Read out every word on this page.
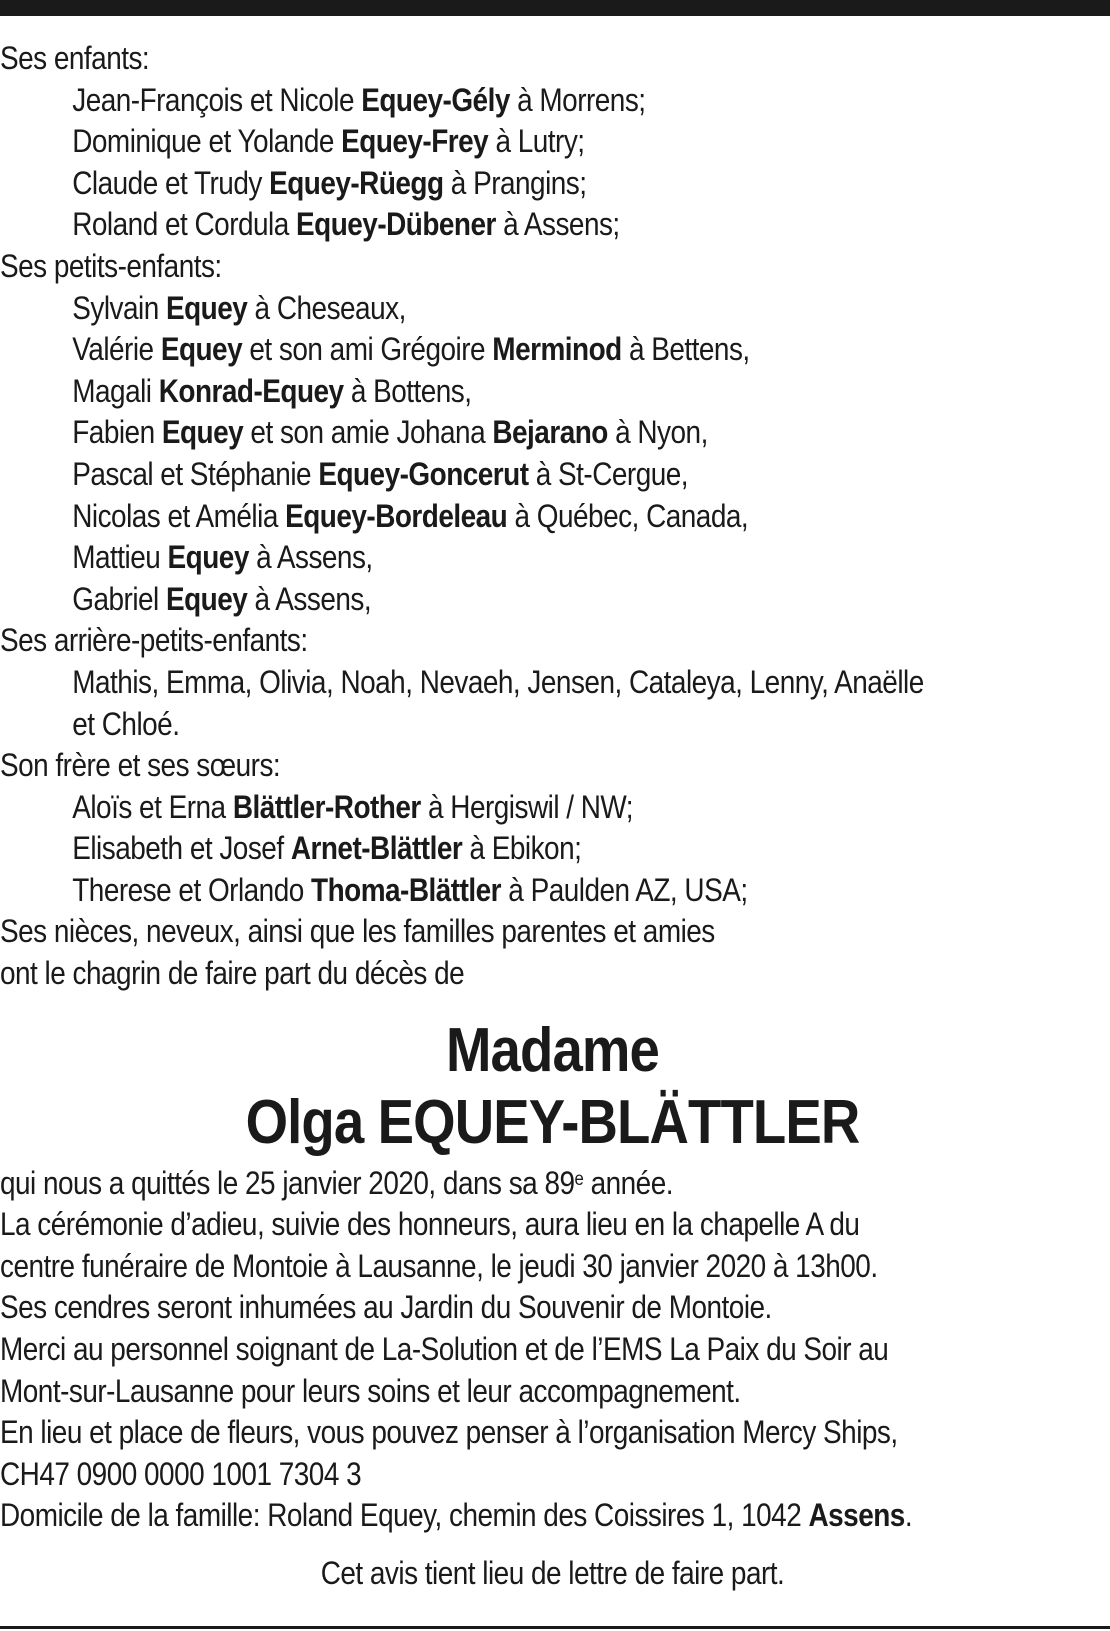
Ses enfants:
Jean-François et Nicole Equey-Gély à Morrens;
Dominique et Yolande Equey-Frey à Lutry;
Claude et Trudy Equey-Rüegg à Prangins;
Roland et Cordula Equey-Dübener à Assens;
Ses petits-enfants:
Sylvain Equey à Cheseaux,
Valérie Equey et son ami Grégoire Merminod à Bettens,
Magali Konrad-Equey à Bottens,
Fabien Equey et son amie Johana Bejarano à Nyon,
Pascal et Stéphanie Equey-Goncerut à St-Cergue,
Nicolas et Amélia Equey-Bordeleau à Québec, Canada,
Mattieu Equey à Assens,
Gabriel Equey à Assens,
Ses arrière-petits-enfants:
Mathis, Emma, Olivia, Noah, Nevaeh, Jensen, Cataleya, Lenny, Anaëlle
et Chloé.
Son frère et ses sœurs:
Aloïs et Erna Blättler-Rother à Hergiswil / NW;
Elisabeth et Josef Arnet-Blättler à Ebikon;
Therese et Orlando Thoma-Blättler à Paulden AZ, USA;
Ses nièces, neveux, ainsi que les familles parentes et amies
ont le chagrin de faire part du décès de
Madame
Olga EQUEY-BLÄTTLER
qui nous a quittés le 25 janvier 2020, dans sa 89e année.
La cérémonie d’adieu, suivie des honneurs, aura lieu en la chapelle A du
centre funéraire de Montoie à Lausanne, le jeudi 30 janvier 2020 à 13h00.
Ses cendres seront inhumées au Jardin du Souvenir de Montoie.
Merci au personnel soignant de La-Solution et de l’EMS La Paix du Soir au
Mont-sur-Lausanne pour leurs soins et leur accompagnement.
En lieu et place de fleurs, vous pouvez penser à l’organisation Mercy Ships,
CH47 0900 0000 1001 7304 3
Domicile de la famille: Roland Equey, chemin des Coissires 1, 1042 Assens.
Cet avis tient lieu de lettre de faire part.
